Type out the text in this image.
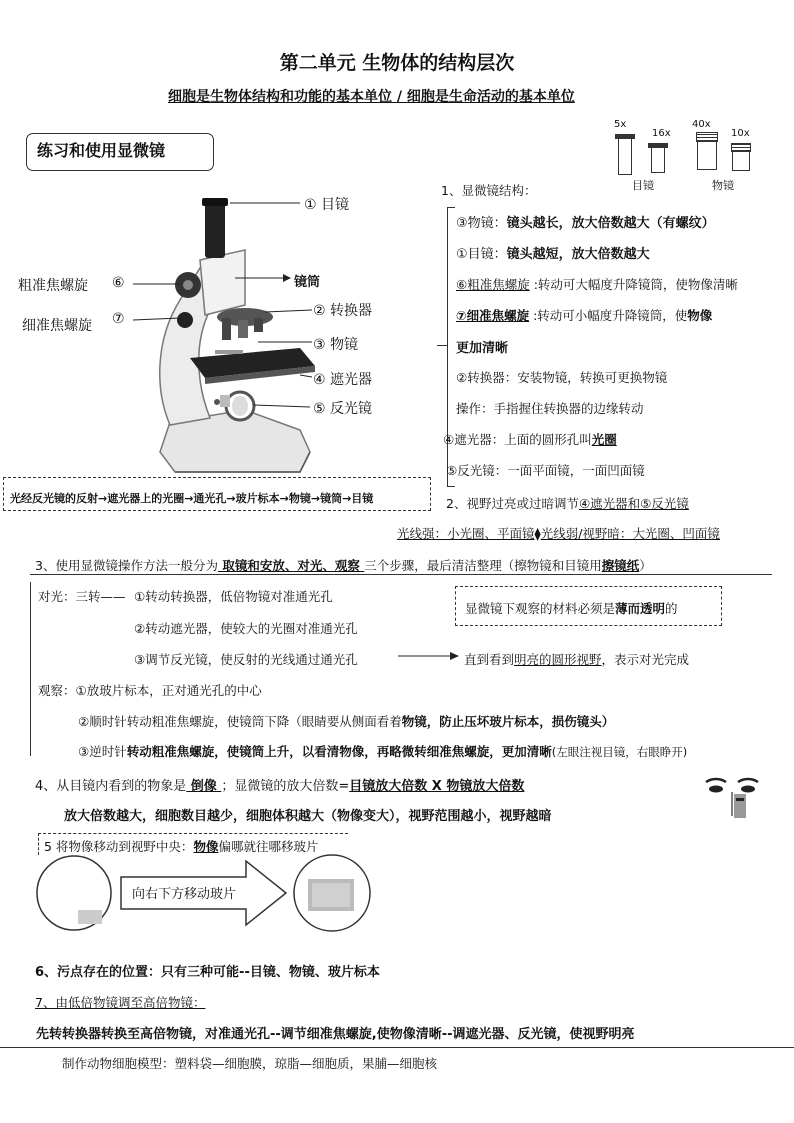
第二单元 生物体的结构层次
细胞是生物体结构和功能的基本单位 / 细胞是生命活动的基本单位
练习和使用显微镜
5x
16x
40x
10x
目镜	物镜
① 目镜
镜筒
粗准焦螺旋 ⑥
细准焦螺旋 ⑦	② 转换器
③ 物镜
④ 遮光器
⑤ 反光镜
光经反光镜的反射→遮光器上的光圈→通光孔→玻片标本→物镜→镜筒→目镜
1、显微镜结构：
③物镜：镜头越长，放大倍数越大（有螺纹）
①目镜：镜头越短，放大倍数越大
⑥粗准焦螺旋 :转动可大幅度升降镜筒，使物像清晰
⑦细准焦螺旋 :转动可小幅度升降镜筒，使物像
更加清晰
②转换器：安装物镜，转换可更换物镜
操作：手指握住转换器的边缘转动
④遮光器：上面的圆形孔叫光圈
⑤反光镜：一面平面镜，一面凹面镜
2、视野过亮或过暗调节④遮光器和⑤反光镜
光线强：小光圈、平面镜⧫光线弱/视野暗：大光圈、凹面镜
3、使用显微镜操作方法一般分为 取镜和安放、对光、观察 三个步骤，最后清洁整理（擦物镜和目镜用擦镜纸）
对光：三转—— ①转动转换器，低倍物镜对准通光孔
②转动遮光器，使较大的光圈对准通光孔
③调节反光镜，使反射的光线通过通光孔	直到看到明亮的圆形视野，表示对光完成
显微镜下观察的材料必须是薄而透明的
观察：①放玻片标本，正对通光孔的中心
②顺时针转动粗准焦螺旋，使镜筒下降（眼睛要从侧面看着物镜，防止压坏玻片标本，损伤镜头）
③逆时针转动粗准焦螺旋，使镜筒上升，以看清物像，再略微转细准焦螺旋，更加清晰(左眼注视目镜，右眼睁开)
4、从目镜内看到的物象是 倒像 ；显微镜的放大倍数=目镜放大倍数 X 物镜放大倍数
放大倍数越大，细胞数目越少，细胞体积越大（物像变大），视野范围越小，视野越暗
5 将物像移动到视野中央：物像偏哪就往哪移玻片
向右下方移动玻片
6、污点存在的位置：只有三种可能--目镜、物镜、玻片标本
7、由低倍物镜调至高倍物镜：
先转转换器转换至高倍物镜，对准通光孔--调节细准焦螺旋,使物像清晰--调遮光器、反光镜，使视野明亮
制作动物细胞模型：塑料袋—细胞膜，琼脂—细胞质，果脯—细胞核
